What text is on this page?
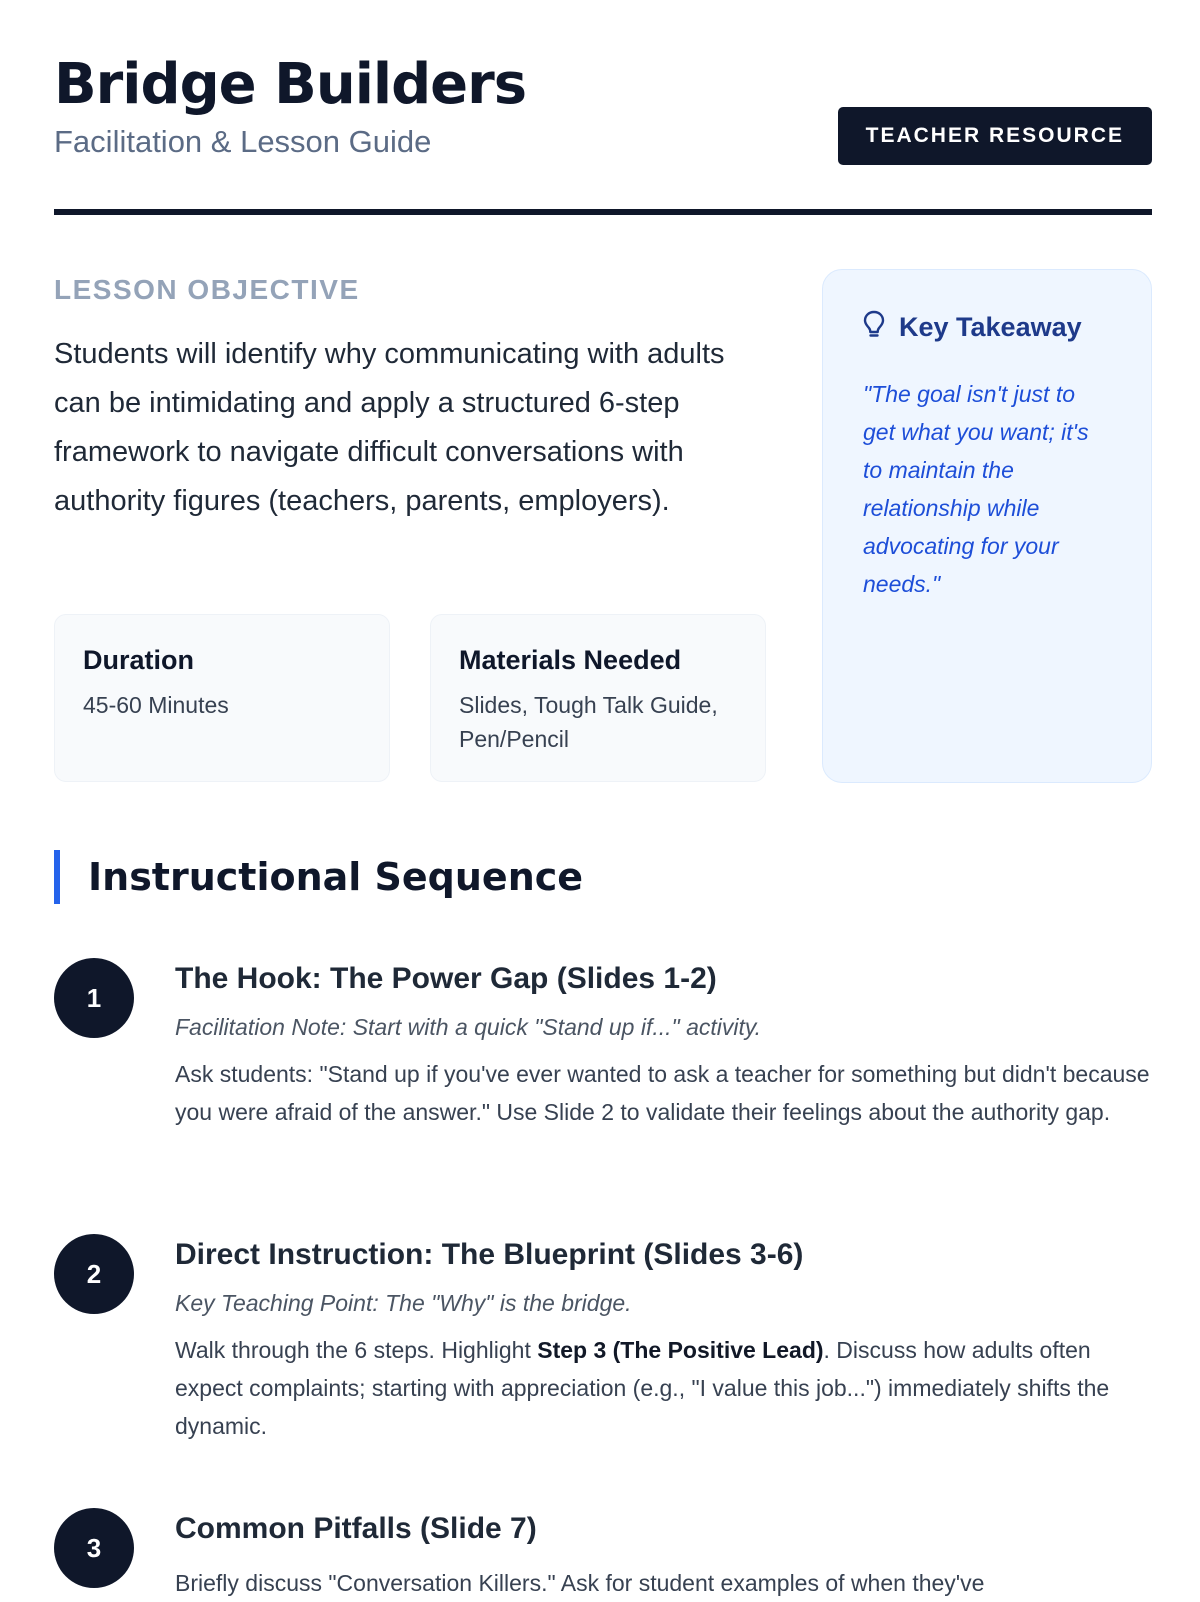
Bridge Builders

Facilitation & Lesson Guide	TEACHER RESOURCE
LESSON OBJECTIVE

Students will identify why communicating with adults can be intimidating and apply a structured 6-step framework to navigate difficult conversations with authority figures (teachers, parents, employers).

Duration
45-60 Minutes
Materials Needed
Slides, Tough Talk Guide, Pen/Pencil
Key Takeaway

"The goal isn't just to get what you want; it's to maintain the relationship while advocating for your needs."

Instructional Sequence
1
The Hook: The Power Gap (Slides 1-2)

Facilitation Note: Start with a quick "Stand up if..." activity.

Ask students: "Stand up if you've ever wanted to ask a teacher for something but didn't because you were afraid of the answer." Use Slide 2 to validate their feelings about the authority gap.

2
Direct Instruction: The Blueprint (Slides 3-6)

Key Teaching Point: The "Why" is the bridge.

Walk through the 6 steps. Highlight Step 3 (The Positive Lead). Discuss how adults often expect complaints; starting with appreciation (e.g., "I value this job...") immediately shifts the dynamic.

3
Common Pitfalls (Slide 7)

Briefly discuss "Conversation Killers." Ask for student examples of when they've
